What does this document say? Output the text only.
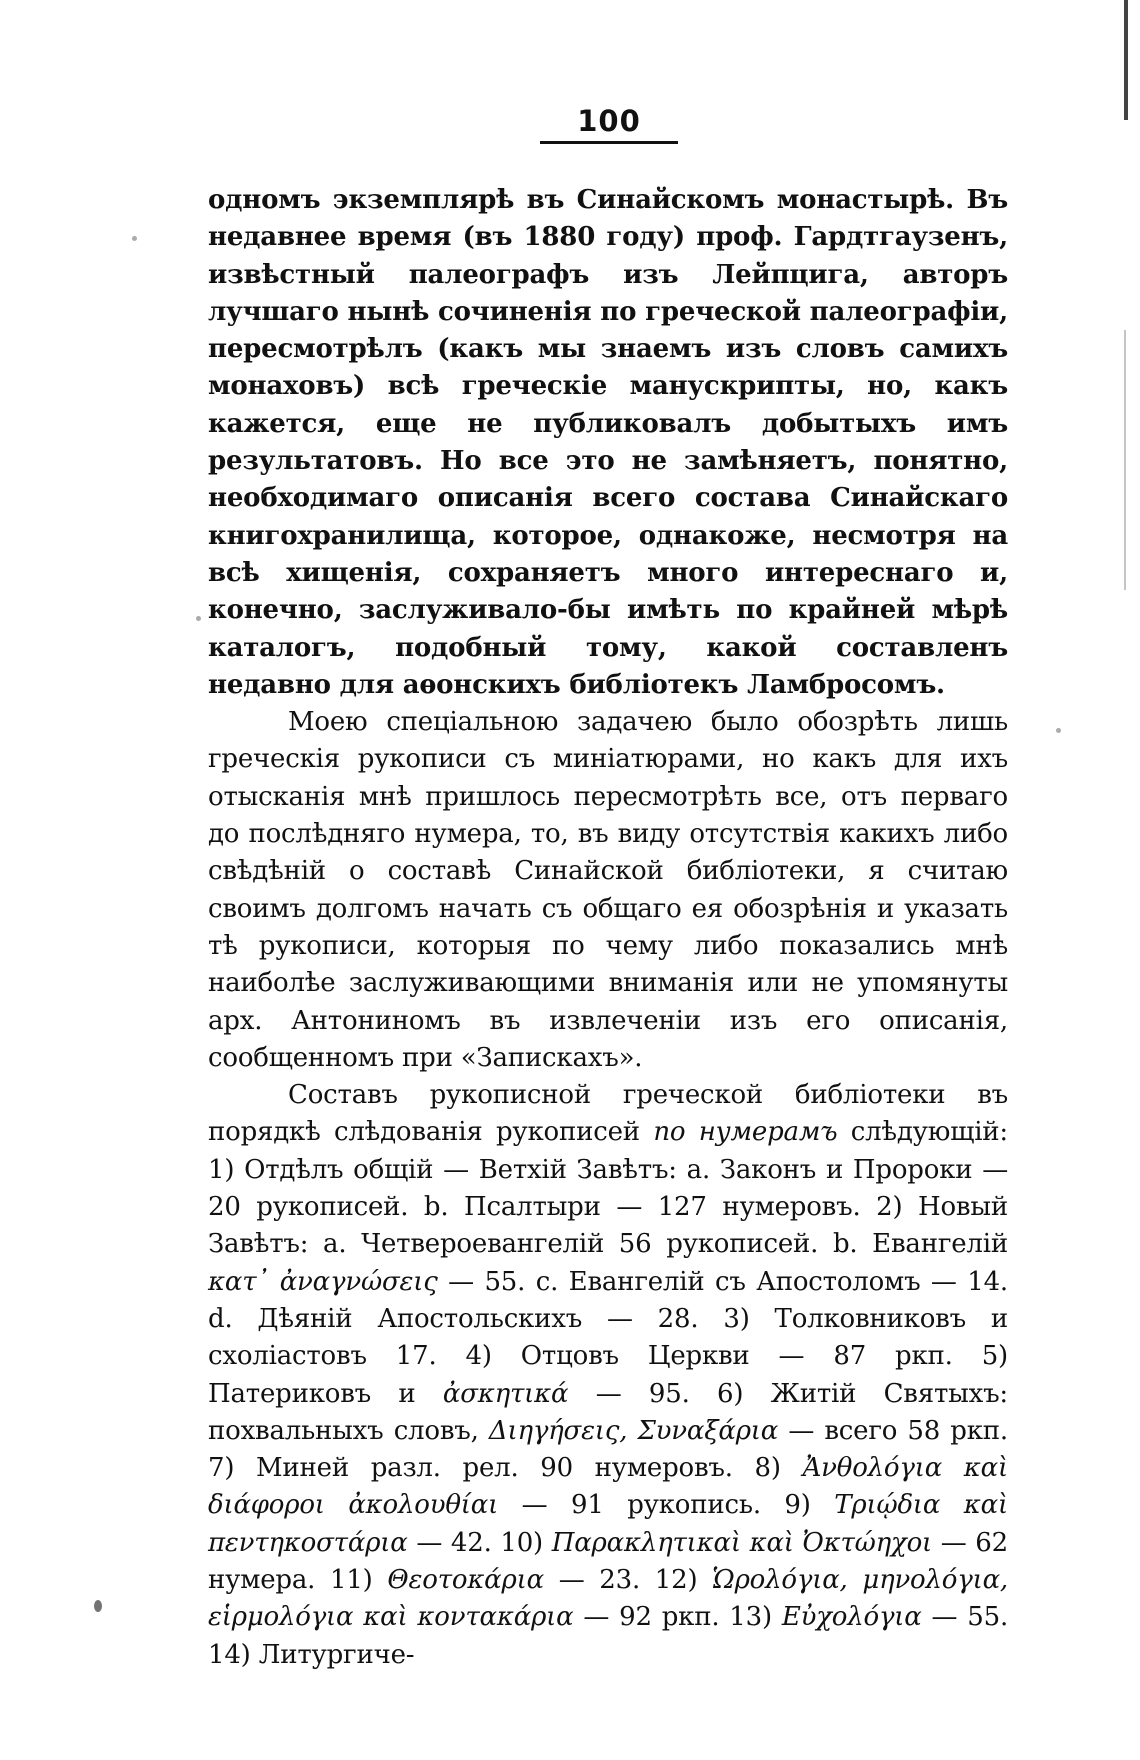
100

одномъ экземплярѣ въ Синайскомъ монастырѣ. Въ недавнее время (въ 1880 году) проф. Гардтгаузенъ, извѣстный палеографъ изъ Лейпцига, авторъ лучшаго нынѣ сочиненія по греческой палеографіи, пересмотрѣлъ (какъ мы знаемъ изъ словъ самихъ монаховъ) всѣ греческіе манускрипты, но, какъ кажется, еще не публиковалъ добытыхъ имъ результатовъ. Но все это не замѣняетъ, понятно, необходимаго описанія всего состава Синайскаго книгохранилища, которое, однакоже, несмотря на всѣ хищенія, сохраняетъ много интереснаго и, конечно, заслуживало-бы имѣть по крайней мѣрѣ каталогъ, подобный тому, какой составленъ недавно для аѳонскихъ библіотекъ Ламбросомъ.

Моею спеціальною задачею было обозрѣть лишь греческія рукописи съ миніатюрами, но какъ для ихъ отысканія мнѣ пришлось пересмотрѣть все, отъ перваго до послѣдняго нумера, то, въ виду отсутствія какихъ либо свѣдѣній о составѣ Синайской библіотеки, я считаю своимъ долгомъ начать съ общаго ея обозрѣнія и указать тѣ рукописи, которыя по чему либо показались мнѣ наиболѣе заслуживающими вниманія или не упомянуты арх. Антониномъ въ извлеченіи изъ его описанія, сообщенномъ при «Запискахъ».

Составъ рукописной греческой библіотеки въ порядкѣ слѣдованія рукописей по нумерамъ слѣдующій: 1) Отдѣлъ общій — Ветхій Завѣтъ: а. Законъ и Пророки — 20 рукописей. b. Псалтыри — 127 нумеровъ. 2) Новый Завѣтъ: а. Четвероевангелій 56 рукописей. b. Евангелій κατ᾽ ἀναγνώσεις — 55. c. Евангелій съ Апостоломъ — 14. d. Дѣяній Апостольскихъ — 28. 3) Толковниковъ и схоліастовъ 17. 4) Отцовъ Церкви — 87 ркп. 5) Патериковъ и ἀσκητικά — 95. 6) Житій Святыхъ: похвальныхъ словъ, Διηγήσεις, Συναξάρια — всего 58 ркп. 7) Миней разл. рел. 90 нумеровъ. 8) Ἀνθολόγια καὶ διάφοροι ἀκολουθίαι — 91 рукопись. 9) Τριῴδια καὶ πεντηκοστάρια — 42. 10) Παρακλητικαὶ καὶ Ὀκτώηχοι — 62 нумера. 11) Θεοτοκάρια — 23. 12) Ὡρολόγια, μηνολόγια, εἱρμολόγια καὶ κοντακάρια — 92 ркп. 13) Εὐχολόγια — 55. 14) Литургиче-
